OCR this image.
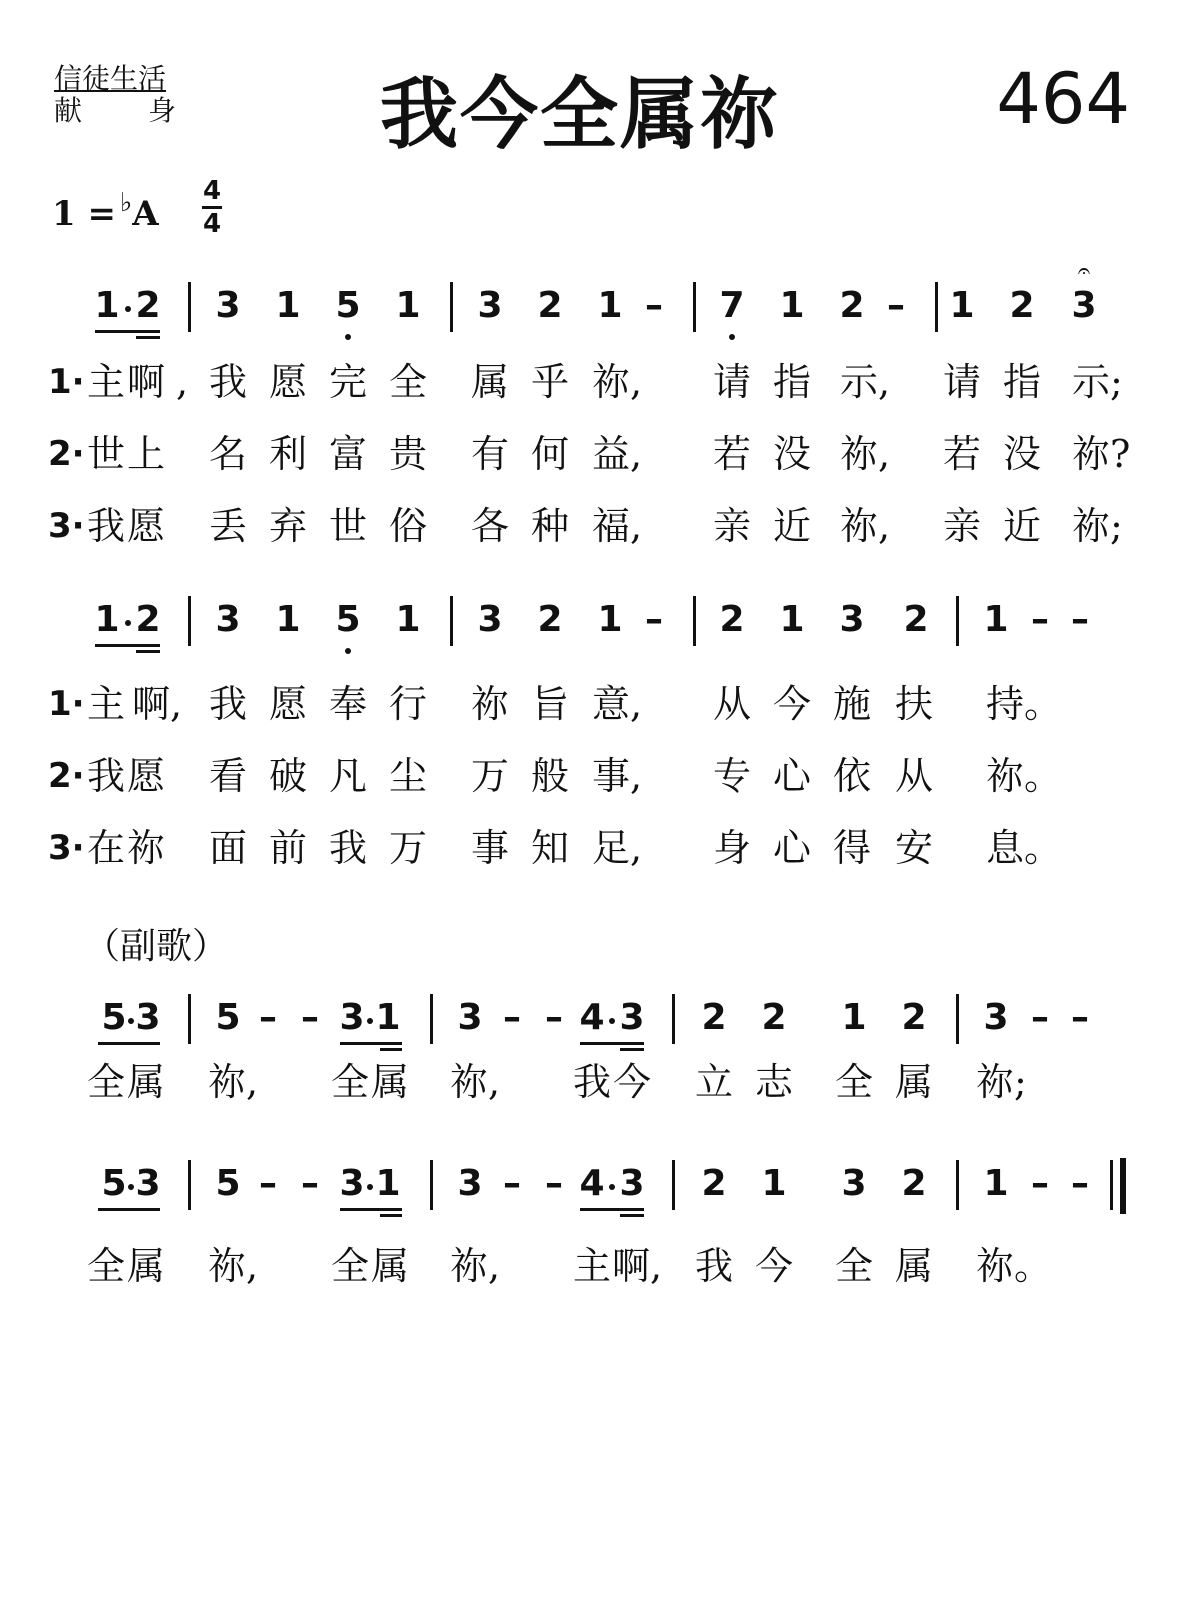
信徒生活
献 身	我今全属祢	464
1 = ♭A
4
4
1 2 3 1 5 1 3 2 1 – 7 1 2 – 1 2 3
𝄐
1 2 3 1 5 1 3 2 1 – 2 1 3 2 1 – –
5 3 5 – – 3 1 3 – – 4 3 2 2 1 2 3 – –
5 3 5 – – 3 1 3 – – 4 3 2 1 3 2 1 – –
1· 主 啊 , 我 愿 完 全 属 乎 祢, 请 指 示, 请 指 示;
2· 世 上 名 利 富 贵 有 何 益, 若 没 祢, 若 没 祢?
3· 我 愿 丢 弃 世 俗 各 种 福, 亲 近 祢, 亲 近 祢;
1· 主 啊, 我 愿 奉 行 祢 旨 意, 从 今 施 扶 持。
2· 我 愿 看 破 凡 尘 万 般 事, 专 心 依 从 祢。
3· 在 祢 面 前 我 万 事 知 足, 身 心 得 安 息。
全 属 祢, 全 属 祢, 我 今 立 志 全 属 祢;
全 属 祢, 全 属 祢, 主 啊, 我 今 全 属 祢。
（副歌）
